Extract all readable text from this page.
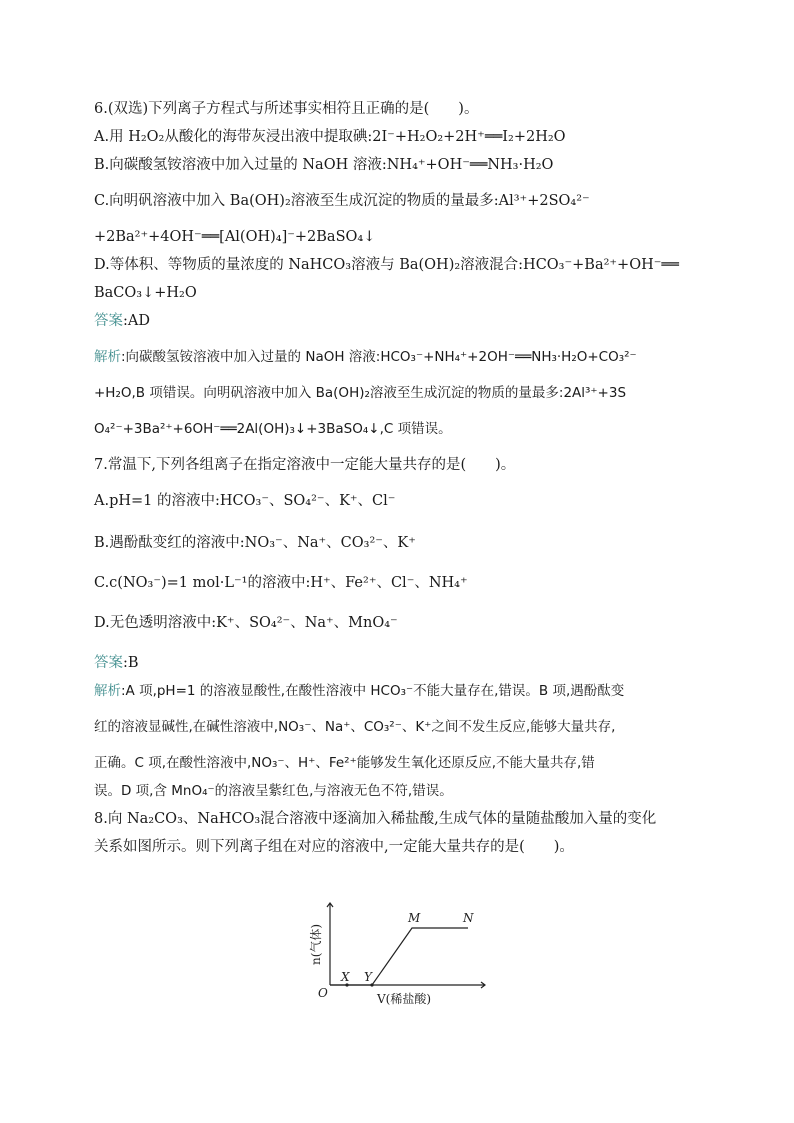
6.(双选)下列离子方程式与所述事实相符且正确的是(　　)。
A.用 H₂O₂从酸化的海带灰浸出液中提取碘:2I⁻+H₂O₂+2H⁺══I₂+2H₂O
B.向碳酸氢铵溶液中加入过量的 NaOH 溶液:NH₄⁺+OH⁻══NH₃·H₂O
C.向明矾溶液中加入 Ba(OH)₂溶液至生成沉淀的物质的量最多:Al³⁺+2SO₄²⁻
+2Ba²⁺+4OH⁻══[Al(OH)₄]⁻+2BaSO₄↓
D.等体积、等物质的量浓度的 NaHCO₃溶液与 Ba(OH)₂溶液混合:HCO₃⁻+Ba²⁺+OH⁻══
BaCO₃↓+H₂O
答案:AD
解析:向碳酸氢铵溶液中加入过量的 NaOH 溶液:HCO₃⁻+NH₄⁺+2OH⁻══NH₃·H₂O+CO₃²⁻
+H₂O,B 项错误。向明矾溶液中加入 Ba(OH)₂溶液至生成沉淀的物质的量最多:2Al³⁺+3S
O₄²⁻+3Ba²⁺+6OH⁻══2Al(OH)₃↓+3BaSO₄↓,C 项错误。
7.常温下,下列各组离子在指定溶液中一定能大量共存的是(　　)。
A.pH=1 的溶液中:HCO₃⁻、SO₄²⁻、K⁺、Cl⁻
B.遇酚酞变红的溶液中:NO₃⁻、Na⁺、CO₃²⁻、K⁺
C.c(NO₃⁻)=1 mol·L⁻¹的溶液中:H⁺、Fe²⁺、Cl⁻、NH₄⁺
D.无色透明溶液中:K⁺、SO₄²⁻、Na⁺、MnO₄⁻
答案:B
解析:A 项,pH=1 的溶液显酸性,在酸性溶液中 HCO₃⁻不能大量存在,错误。B 项,遇酚酞变
红的溶液显碱性,在碱性溶液中,NO₃⁻、Na⁺、CO₃²⁻、K⁺之间不发生反应,能够大量共存,
正确。C 项,在酸性溶液中,NO₃⁻、H⁺、Fe²⁺能够发生氧化还原反应,不能大量共存,错
误。D 项,含 MnO₄⁻的溶液呈紫红色,与溶液无色不符,错误。
8.向 Na₂CO₃、NaHCO₃混合溶液中逐滴加入稀盐酸,生成气体的量随盐酸加入量的变化
关系如图所示。则下列离子组在对应的溶液中,一定能大量共存的是(　　)。
O
X Y
M	N
V(稀盐酸)
n(气体)
